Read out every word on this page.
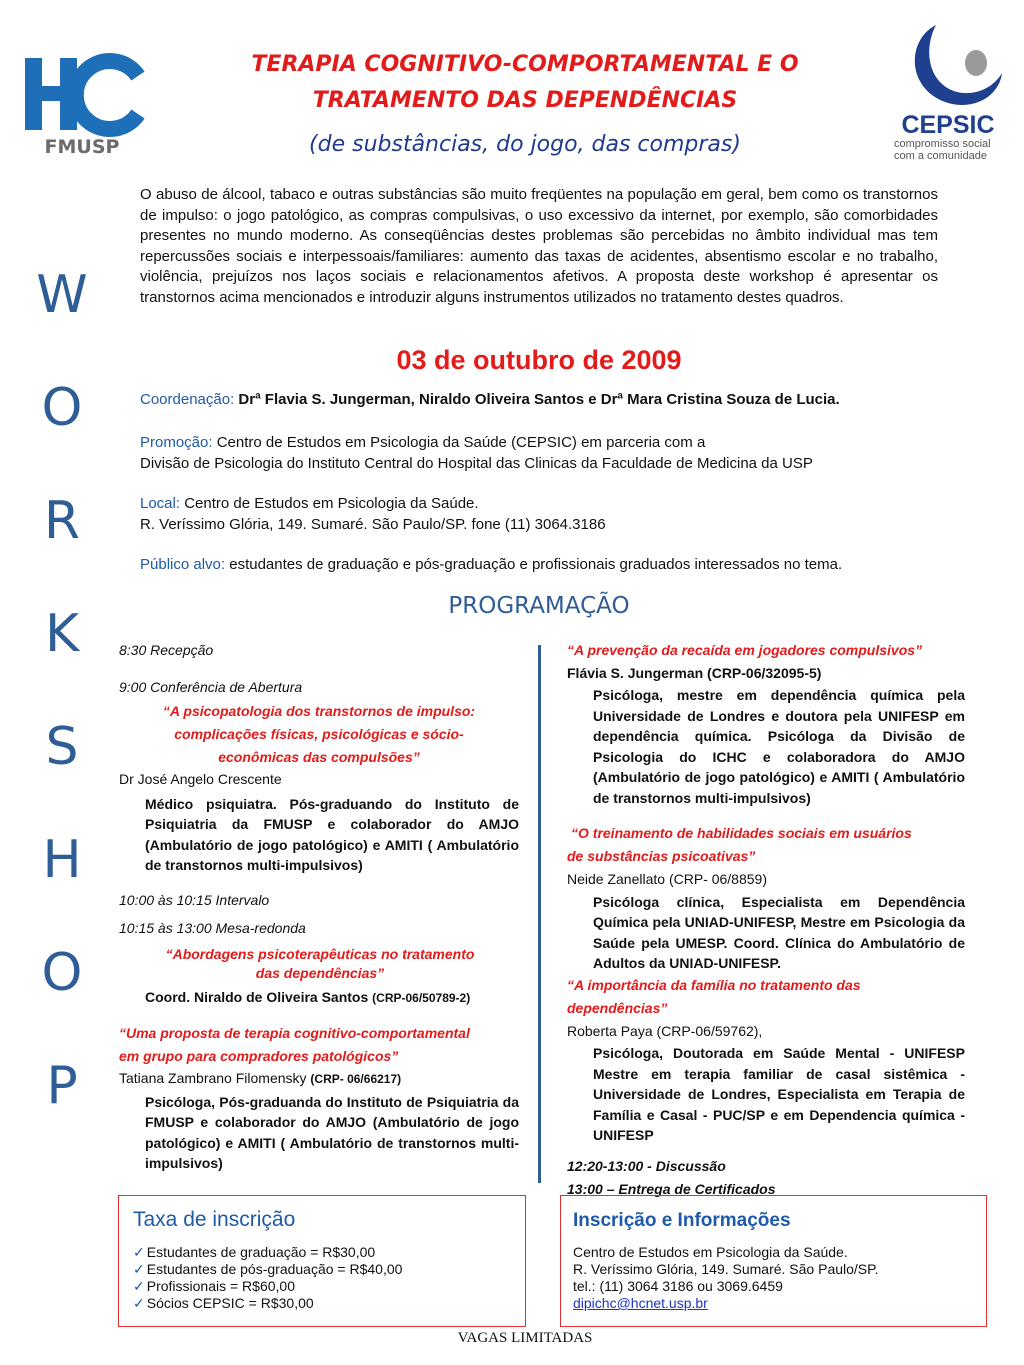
FMUSP
CEPSIC
compromisso social
com a comunidade
TERAPIA COGNITIVO-COMPORTAMENTAL E O
TRATAMENTO DAS DEPENDÊNCIAS
(de substâncias, do jogo, das compras)
W
O
R
K
S
H
O
P
O abuso de álcool, tabaco e outras substâncias são muito freqüentes na população em geral, bem como os transtornos de impulso: o jogo patológico, as compras compulsivas, o uso excessivo da internet, por exemplo, são comorbidades presentes no mundo moderno. As conseqüências destes problemas são percebidas no âmbito individual mas tem repercussões sociais e interpessoais/familiares: aumento das taxas de acidentes, absentismo escolar e no trabalho, violência, prejuízos nos laços sociais e relacionamentos afetivos. A proposta deste workshop é apresentar os transtornos acima mencionados e introduzir alguns instrumentos utilizados no tratamento destes quadros.
03 de outubro de 2009
Coordenação: Drª Flavia S. Jungerman, Niraldo Oliveira Santos e Drª Mara Cristina Souza de Lucia.
Promoção: Centro de Estudos em Psicologia da Saúde (CEPSIC) em parceria com a
Divisão de Psicologia do Instituto Central do Hospital das Clinicas da Faculdade de Medicina da USP
Local: Centro de Estudos em Psicologia da Saúde.
R. Veríssimo Glória, 149. Sumaré. São Paulo/SP. fone (11) 3064.3186
Público alvo: estudantes de graduação e pós-graduação e profissionais graduados interessados no tema.
PROGRAMAÇÃO
8:30 Recepção
9:00 Conferência de Abertura
“A psicopatologia dos transtornos de impulso:
complicações físicas, psicológicas e sócio-
econômicas das compulsões”
Dr José Angelo Crescente
Médico psiquiatra. Pós-graduando do Instituto de Psiquiatria da FMUSP e colaborador do AMJO (Ambulatório de jogo patológico) e AMITI ( Ambulatório de transtornos multi-impulsivos)
10:00 às 10:15 Intervalo
10:15 às 13:00 Mesa-redonda
“Abordagens psicoterapêuticas no tratamento
das dependências”
Coord. Niraldo de Oliveira Santos (CRP-06/50789-2)
“Uma proposta de terapia cognitivo-comportamental
em grupo para compradores patológicos”
Tatiana Zambrano Filomensky (CRP- 06/66217)
Psicóloga, Pós-graduanda do Instituto de Psiquiatria da FMUSP e colaborador do AMJO (Ambulatório de jogo patológico) e AMITI ( Ambulatório de transtornos multi-impulsivos)
“A prevenção da recaída em jogadores compulsivos”
Flávia S. Jungerman (CRP-06/32095-5)
Psicóloga, mestre em dependência química pela Universidade de Londres e doutora pela UNIFESP em dependência química. Psicóloga da Divisão de Psicologia do ICHC e colaboradora do AMJO (Ambulatório de jogo patológico) e AMITI ( Ambulatório de transtornos multi-impulsivos)
“O treinamento de habilidades sociais em usuários
de substâncias psicoativas”
Neide Zanellato (CRP- 06/8859)
Psicóloga clínica, Especialista em Dependência Química pela UNIAD-UNIFESP, Mestre em Psicologia da Saúde pela UMESP. Coord. Clínica do Ambulatório de Adultos da UNIAD-UNIFESP.
“A importância da família no tratamento das
dependências”
Roberta Paya (CRP-06/59762),
Psicóloga, Doutorada em Saúde Mental - UNIFESP Mestre em terapia familiar de casal sistêmica - Universidade de Londres, Especialista em Terapia de Família e Casal - PUC/SP e em Dependencia química - UNIFESP
12:20-13:00 - Discussão
13:00 – Entrega de Certificados
Taxa de inscrição
✓ Estudantes de graduação = R$30,00
✓ Estudantes de pós-graduação = R$40,00
✓ Profissionais = R$60,00
✓ Sócios CEPSIC = R$30,00
Inscrição e Informações
Centro de Estudos em Psicologia da Saúde.
R. Veríssimo Glória, 149. Sumaré. São Paulo/SP.
tel.: (11) 3064 3186 ou 3069.6459
dipichc@hcnet.usp.br
VAGAS LIMITADAS
